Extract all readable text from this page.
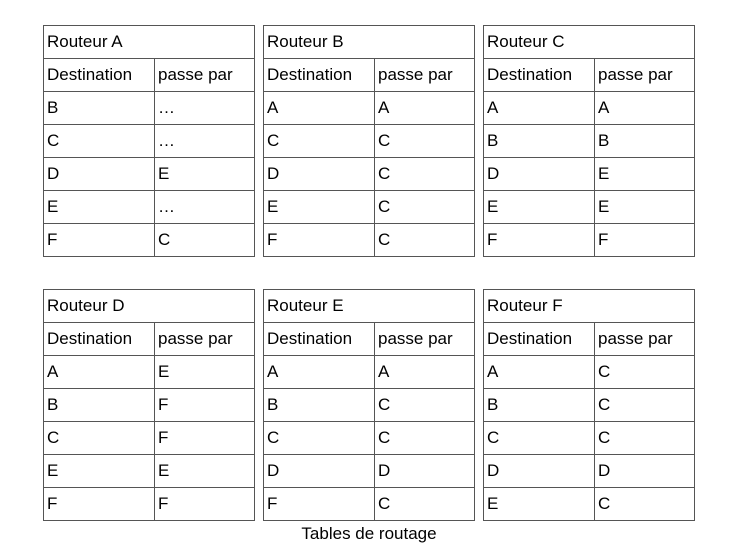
Routeur A	
Destination	passe par
B	…
C	…
D	E
E	…
F	C
Routeur B	
Destination	passe par
A	A
C	C
D	C
E	C
F	C
Routeur C	
Destination	passe par
A	A
B	B
D	E
E	E
F	F
Routeur D	
Destination	passe par
A	E
B	F
C	F
E	E
F	F
Routeur E	
Destination	passe par
A	A
B	C
C	C
D	D
F	C
Routeur F	
Destination	passe par
A	C
B	C
C	C
D	D
E	C
Tables de routage
